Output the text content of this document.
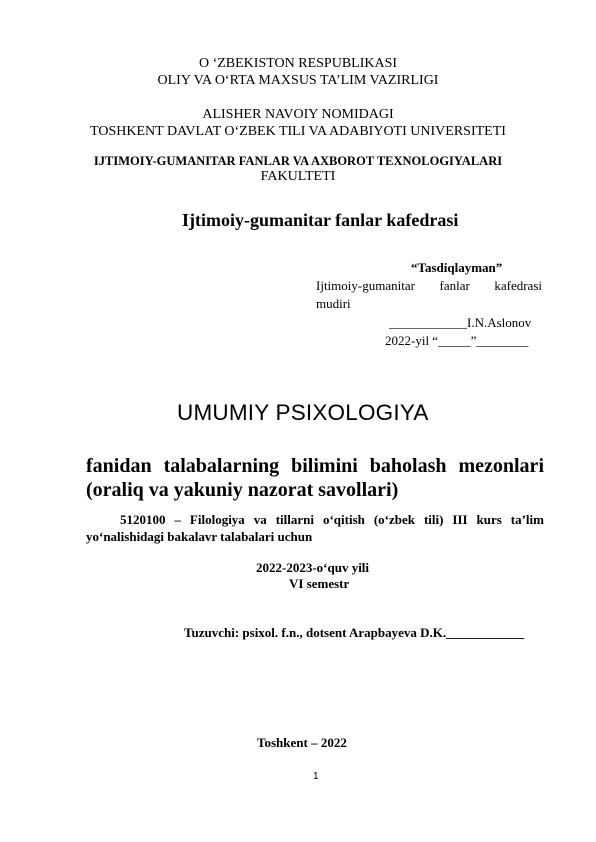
O ‘ZBEKISTON RESPUBLIKASI
OLIY VA O‘RTA MAXSUS TA’LIM VAZIRLIGI
ALISHER NAVOIY NOMIDAGI
TOSHKENT DAVLAT O‘ZBEK TILI VA ADABIYOTI UNIVERSITETI
IJTIMOIY-GUMANITAR FANLAR VA AXBOROT TEXNOLOGIYALARI
FAKULTETI
Ijtimoiy-gumanitar fanlar kafedrasi
“Tasdiqlayman”
Ijtimoiy-gumanitar fanlar kafedrasi
mudiri
____________I.N.Aslonov
2022-yil “_____”________
UMUMIY PSIXOLOGIYA
fanidan talabalarning bilimini baholash mezonlari
(oraliq va yakuniy nazorat savollari)
5120100 – Filologiya va tillarni o‘qitish (o‘zbek tili) III kurs ta’lim
yo‘nalishidagi bakalavr talabalari uchun
2022-2023-o‘quv yili
VI semestr
Tuzuvchi: psixol. f.n., dotsent Arapbayeva D.K.____________
Toshkent – 2022
1
